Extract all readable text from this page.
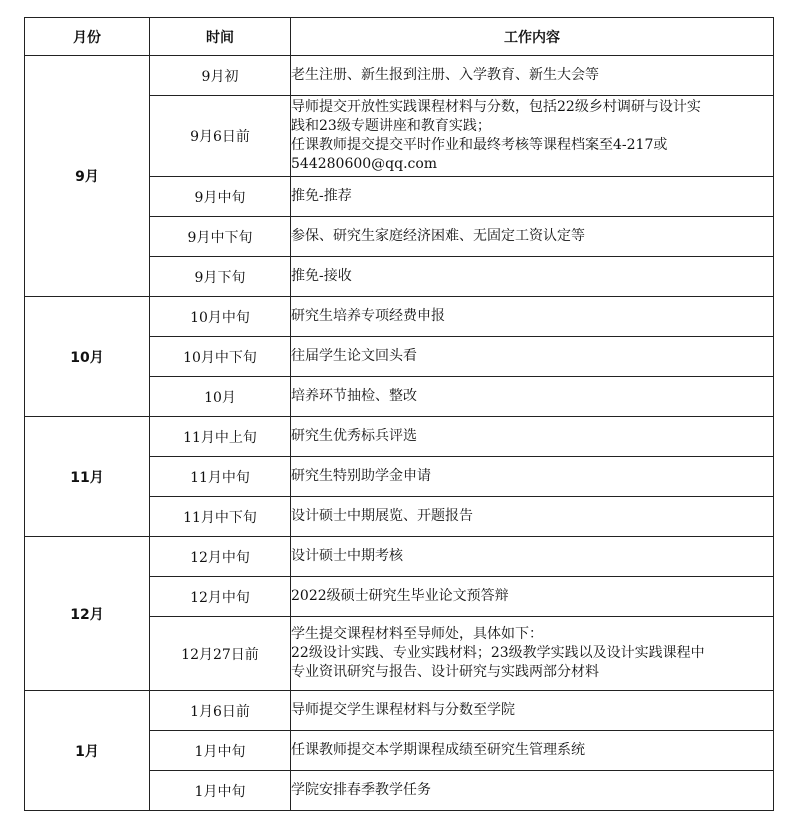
月份	时间	工作内容
9月	9月初	老生注册、新生报到注册、入学教育、新生大会等

	9月6日前	导师提交开放性实践课程材料与分数，包括22级乡村调研与设计实
践和23级专题讲座和教育实践；
任课教师提交提交平时作业和最终考核等课程档案至4-217或
544280600@qq.com

	9月中旬	推免-推荐

	9月中下旬	参保、研究生家庭经济困难、无固定工资认定等

	9月下旬	推免-接收

10月	10月中旬	研究生培养专项经费申报

	10月中下旬	往届学生论文回头看

	10月	培养环节抽检、整改

11月	11月中上旬	研究生优秀标兵评选

	11月中旬	研究生特别助学金申请

	11月中下旬	设计硕士中期展览、开题报告

12月	12月中旬	设计硕士中期考核

	12月中旬	2022级硕士研究生毕业论文预答辩

	12月27日前	学生提交课程材料至导师处，具体如下：
22级设计实践、专业实践材料；23级教学实践以及设计实践课程中
专业资讯研究与报告、设计研究与实践两部分材料

1月	1月6日前	导师提交学生课程材料与分数至学院

	1月中旬	任课教师提交本学期课程成绩至研究生管理系统

	1月中旬	学院安排春季教学任务
